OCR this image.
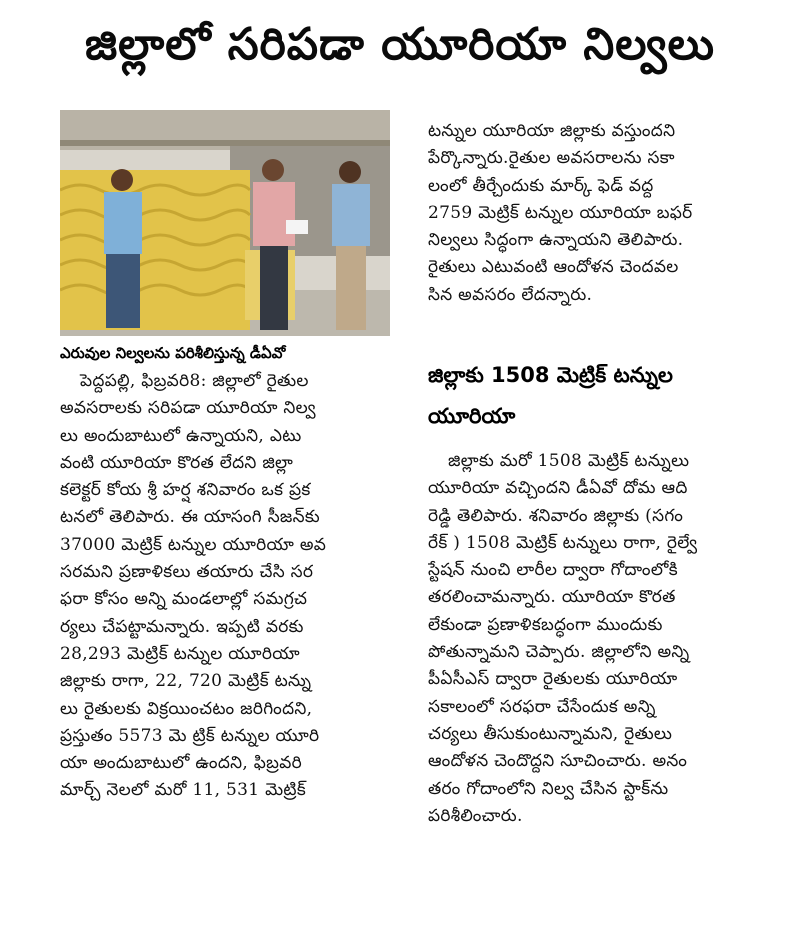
జిల్లాలో సరిపడా యూరియా నిల్వలు
ఎరువుల నిల్వలను పరిశీలిస్తున్న డీఏవో
పెద్దపల్లి, ఫిబ్రవరి8: జిల్లాలో రైతుల
అవసరాలకు సరిపడా యూరియా నిల్వ
లు అందుబాటులో ఉన్నాయని, ఎటు
వంటి యూరియా కొరత లేదని జిల్లా
కలెక్టర్ కోయ శ్రీ హర్ష శనివారం ఒక ప్రక
టనలో తెలిపారు. ఈ యాసంగి సీజన్‌కు
37000 మెట్రిక్ టన్నుల యూరియా అవ
సరమని ప్రణాళికలు తయారు చేసి సర
ఫరా కోసం అన్ని మండలాల్లో సమగ్రచ
ర్యలు చేపట్టామన్నారు. ఇప్పటి వరకు
28,293 మెట్రిక్ టన్నుల యూరియా
జిల్లాకు రాగా, 22, 720 మెట్రిక్ టన్ను
లు రైతులకు విక్రయించటం జరిగిందని,
ప్రస్తుతం 5573 మె ట్రిక్ టన్నుల యూరి
యా అందుబాటులో ఉందని, ఫిబ్రవరి
మార్చ్ నెలలో మరో 11, 531 మెట్రిక్
టన్నుల యూరియా జిల్లాకు వస్తుందని
పేర్కొన్నారు.రైతుల అవసరాలను సకా
లంలో తీర్చేందుకు మార్క్ ఫెడ్ వద్ద
2759 మెట్రిక్ టన్నుల యూరియా బఫర్
నిల్వలు సిద్ధంగా ఉన్నాయని తెలిపారు.
రైతులు ఎటువంటి ఆందోళన చెందవల
సిన అవసరం లేదన్నారు.
జిల్లాకు 1508 మెట్రిక్ టన్నుల
యూరియా
జిల్లాకు మరో 1508 మెట్రిక్ టన్నులు
యూరియా వచ్చిందని డీఏవో దోమ ఆది
రెడ్డి తెలిపారు. శనివారం జిల్లాకు (సగం
రేక్ ) 1508 మెట్రిక్ టన్నులు రాగా, రైల్వే
స్టేషన్ నుంచి లారీల ద్వారా గోదాంలోకి
తరలించామన్నారు. యూరియా కొరత
లేకుండా ప్రణాళికబద్ధంగా ముందుకు
పోతున్నామని చెప్పారు. జిల్లాలోని అన్ని
పీఏసీఎస్ ద్వారా రైతులకు యూరియా
సకాలంలో సరఫరా చేసేందుక అన్ని
చర్యలు తీసుకుంటున్నామని, రైతులు
ఆందోళన చెందొద్దని సూచించారు. అనం
తరం గోదాంలోని నిల్వ చేసిన స్టాక్‌ను
పరిశీలించారు.
